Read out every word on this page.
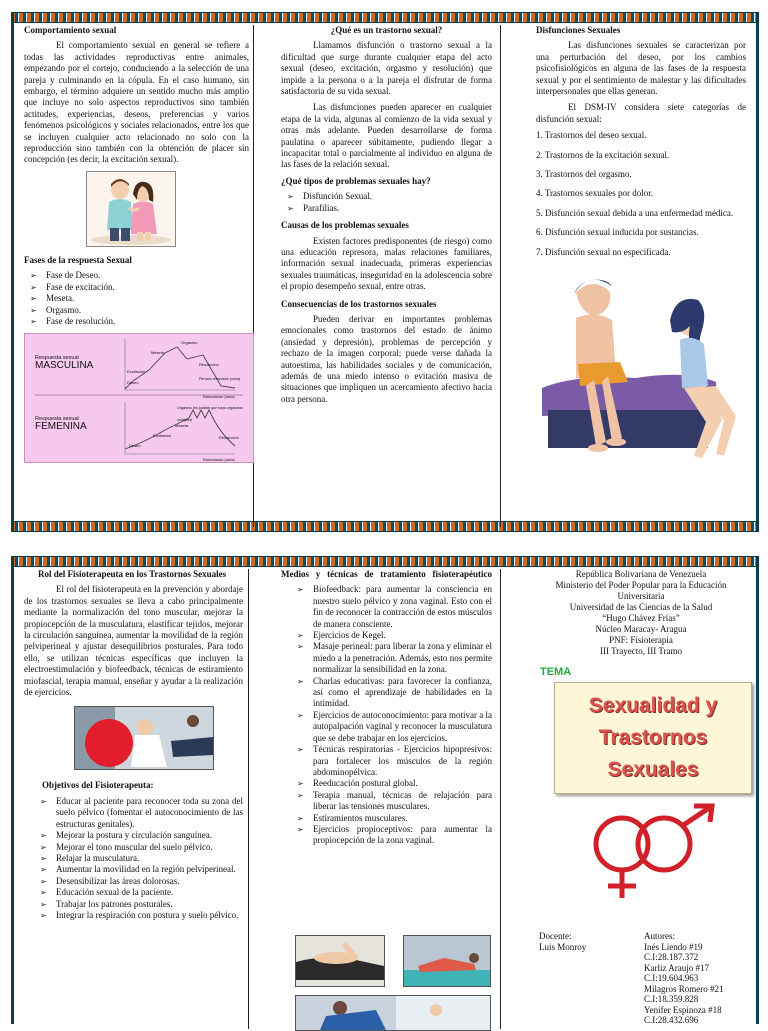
Comportamiento sexual

El comportamiento sexual en general se refiere a todas las actividades reproductivas entre animales, empezando por el cortejo, conduciendo a la selección de una pareja y culminando en la cópula. En el caso humano, sin embargo, el término adquiere un sentido mucho más amplio que incluye no solo aspectos reproductivos sino también actitudes, experiencias, deseos, preferencias y varios fenómenos psicológicos y sociales relacionados, entre los que se incluyen cualquier acto relacionado no solo con la reproducción sino también con la obtención de placer sin concepción (es decir, la excitación sexual).

Fases de la respuesta Sexual
➢ Fase de Deseo.
➢ Fase de excitación.
➢ Meseta.
➢ Orgasmo.
➢ Fase de resolución.
Respuesta sexual
MASCULINA
Respuesta sexual
FEMENINA
Orgasmo
Meseta
Excitación
Deseo
Resolución
Período refractario (varía)
Estimulación (varía)
Orgasmo (es posible que haya orgasmos múltiples)
Meseta
Excitación
Deseo
Resolución
Estimulación (varía)
¿Qué es un trastorno sexual?

Llamamos disfunción o trastorno sexual a la dificultad que surge durante cualquier etapa del acto sexual (deseo, excitación, orgasmo y resolución) que impide a la persona o a la pareja el disfrutar de forma satisfactoria de su vida sexual.

Las disfunciones pueden aparecer en cualquier etapa de la vida, algunas al comienzo de la vida sexual y otras más adelante. Pueden desarrollarse de forma paulatina o aparecer súbitamente, pudiendo llegar a incapacitar total o parcialmente al individuo en alguna de las fases de la relación sexual.

¿Qué tipos de problemas sexuales hay?
➢ Disfunción Sexual.
➢ Parafilias.
Causas de los problemas sexuales

Existen factores predisponentes (de riesgo) como una educación represora, malas relaciones familiares, información sexual inadecuada, primeras experiencias sexuales traumáticas, inseguridad en la adolescencia sobre el propio desempeño sexual, entre otras.

Consecuencias de los trastornos sexuales

Pueden derivar en importantes problemas emocionales como trastornos del estado de ánimo (ansiedad y depresión), problemas de percepción y rechazo de la imagen corporal; puede verse dañada la autoestima, las habilidades sociales y de comunicación, además de una miedo intenso o evitación masiva de situaciones que impliquen un acercamiento afectivo hacia otra persona.

Disfunciones Sexuales

Las disfunciones sexuales se caracterizan por una perturbación del deseo, por los cambios psicofisiológicos en alguna de las fases de la respuesta sexual y por el sentimiento de malestar y las dificultades interpersonales que ellas generan.

El DSM-IV considera siete categorías de disfunción sexual:

1. Trastornos del deseo sexual.
2. Trastornos de la excitación sexual.
3. Trastornos del orgasmo.
4. Trastornos sexuales por dolor.
5. Disfunción sexual debida a una enfermedad médica.
6. Disfunción sexual inducida por sustancias.
7. Disfunción sexual no especificada.
Rol del Fisioterapeuta en los Trastornos Sexuales

El rol del fisioterapeuta en la prevención y abordaje de los trastornos sexuales se lleva a cabo principalmente mediante la normalización del tono muscular, mejorar la propiocepción de la musculatura, elastificar tejidos, mejorar la circulación sanguínea, aumentar la movilidad de la región pelviperineal y ajustar desequilibrios posturales. Para todo ello, se utilizan técnicas específicas que incluyen la electroestimulación y biofeedback, técnicas de estiramiento miofascial, terapia manual, enseñar y ayudar a la realización de ejercicios.

Objetivos del Fisioterapeuta:
➢ Educar al paciente para reconocer toda su zona del suelo pélvico (fomentar el autoconocimiento de las estructuras genitales).
➢ Mejorar la postura y circulación sanguínea.
➢ Mejorar el tono muscular del suelo pélvico.
➢ Relajar la musculatura.
➢ Aumentar la movilidad en la región pelviperineal.
➢ Desensibilizar las áreas dolorosas.
➢ Educación sexual de la paciente.
➢ Trabajar los patrones posturales.
➢ Integrar la respiración con postura y suelo pélvico.
Medios y técnicas de tratamiento fisioterapéutico
➢ Biofeedback: para aumentar la consciencia en nuestro suelo pélvico y zona vaginal. Esto con el fin de reconocer la contracción de estos músculos de manera consciente.
➢ Ejercicios de Kegel.
➢ Masaje perineal: para liberar la zona y eliminar el miedo a la penetración. Además, esto nos permite normalizar la sensibilidad en la zona.
➢ Charlas educativas: para favorecer la confianza, así como el aprendizaje de habilidades en la intimidad.
➢ Ejercicios de autoconocimiento: para motivar a la autopalpación vaginal y reconocer la musculatura que se debe trabajar en los ejercicios.
➢ Técnicas respiratorias - Ejercicios hipopresivos: para fortalecer los músculos de la región abdominopélvica.
➢ Reeducación postural global.
➢ Terapia manual, técnicas de relajación para liberar las tensiones musculares.
➢ Estiramientos musculares.
➢ Ejercicios propioceptivos: para aumentar la propiocepción de la zona vaginal.
República Bolivariana de Venezuela
Ministerio del Poder Popular para la Educación Universitaria
Universidad de las Ciencias de la Salud
“Hugo Chávez Frías”
Núcleo Maracay- Aragua
PNF: Fisioterapia
III Trayecto, III Tramo
TEMA
Sexualidad y
Trastornos
Sexuales
Docente:
Luis Monroy
Autores:
Inés Liendo #19
C.I:28.187.372
Karliz Araujo #17
C.I:19.604.963
Milagros Romero #21
C.I:18.359.828
Yenifer Espinoza #18
C.I:28.432.696
